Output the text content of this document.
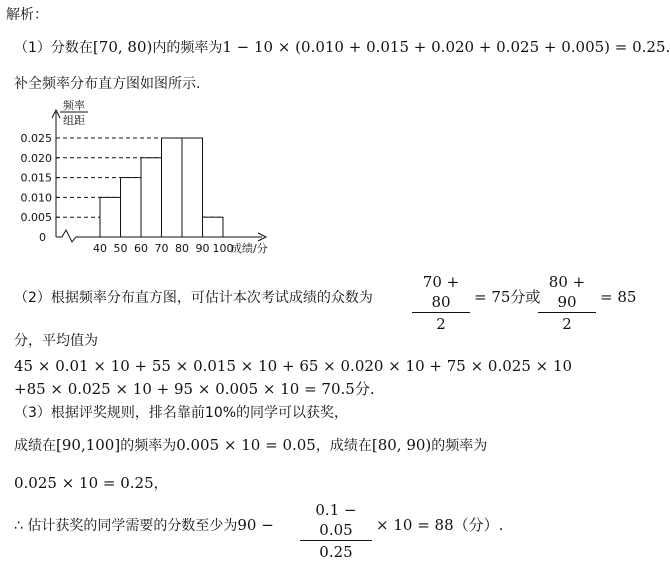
解析：
（1）分数在[70, 80)内的频率为1 − 10 × (0.010 + 0.015 + 0.020 + 0.025 + 0.005) = 0.25.
补全频率分布直方图如图所示.
0.025
0.020
0.015
0.010
0.005
0
40 50 60 70 80 90 100
成绩/分
频率
组距
（2）根据频率分布直方图，可估计本次考试成绩的众数为	$\frac{70 + 80}{2} = 75$分或
$\frac{80 + 90}{2} = 85$
分，平均值为
45 × 0.01 × 10 + 55 × 0.015 × 10 + 65 × 0.020 × 10 + 75 × 0.025 × 10
+85 × 0.025 × 10 + 95 × 0.005 × 10 = 70.5分.
（3）根据评奖规则，排名靠前10%的同学可以获奖，
成绩在[90,100]的频率为0.005 × 10 = 0.05，成绩在[80, 90)的频率为
0.025 × 10 = 0.25，
∴ 估计获奖的同学需要的分数至少为$90 - \frac{0.1 - 0.05}{0.25} \times 10 = 88$（分）.
